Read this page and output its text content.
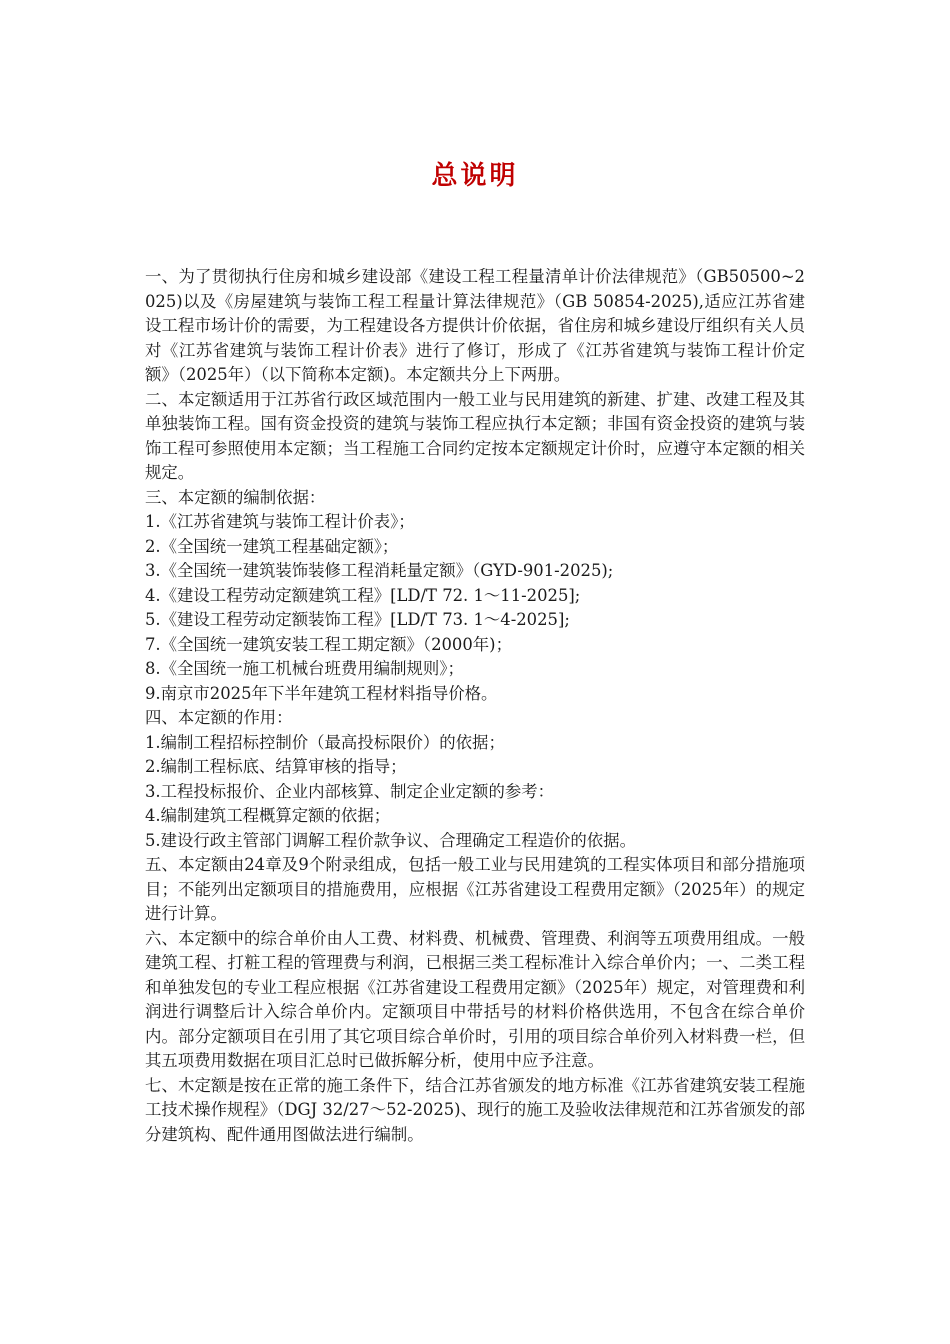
总说明

一、为了贯彻执行住房和城乡建设部《建设工程工程量清单计价法律规范》（GB50500~2025)以及《房屋建筑与装饰工程工程量计算法律规范》（GB 50854-2025),适应江苏省建设工程市场计价的需要，为工程建设各方提供计价依据，省住房和城乡建设厅组织有关人员对《江苏省建筑与装饰工程计价表》进行了修订，形成了《江苏省建筑与装饰工程计价定额》（2025年）（以下简称本定额)。本定额共分上下两册。

二、本定额适用于江苏省行政区域范围内一般工业与民用建筑的新建、扩建、改建工程及其单独装饰工程。国有资金投资的建筑与装饰工程应执行本定额；非国有资金投资的建筑与装饰工程可参照使用本定额；当工程施工合同约定按本定额规定计价时，应遵守本定额的相关规定。

三、本定额的编制依据：

1.《江苏省建筑与装饰工程计价表》；

2.《全国统一建筑工程基础定额》；

3.《全国统一建筑装饰装修工程消耗量定额》（GYD-901-2025);

4.《建设工程劳动定额建筑工程》[LD/T 72. 1～11-2025];

5.《建设工程劳动定额装饰工程》[LD/T 73. 1～4-2025];

7.《全国统一建筑安装工程工期定额》（2000年)；

8.《全国统一施工机械台班费用编制规则》；

9.南京市2025年下半年建筑工程材料指导价格。

四、本定额的作用：

1.编制工程招标控制价（最高投标限价）的依据；

2.编制工程标底、结算审核的指导；

3.工程投标报价、企业内部核算、制定企业定额的参考：

4.编制建筑工程概算定额的依据；

5.建设行政主管部门调解工程价款争议、合理确定工程造价的依据。

五、本定额由24章及9个附录组成，包括一般工业与民用建筑的工程实体项目和部分措施项目；不能列出定额项目的措施费用，应根据《江苏省建设工程费用定额》（2025年）的规定进行计算。

六、本定额中的综合单价由人工费、材料费、机械费、管理费、利润等五项费用组成。一般建筑工程、打粧工程的管理费与利润，已根据三类工程标准计入综合单价内；一、二类工程和单独发包的专业工程应根据《江苏省建设工程费用定额》（2025年）规定，对管理费和利润进行调整后计入综合单价内。定额项目中带括号的材料价格供选用，不包含在综合单价内。部分定额项目在引用了其它项目综合单价时，引用的项目综合单价列入材料费一栏，但其五项费用数据在项目汇总时已做拆解分析，使用中应予注意。

七、木定额是按在正常的施工条件下，结合江苏省颁发的地方标准《江苏省建筑安装工程施工技术操作规程》（DGJ 32/27～52-2025)、现行的施工及验收法律规范和江苏省颁发的部分建筑构、配件通用图做法进行编制。
